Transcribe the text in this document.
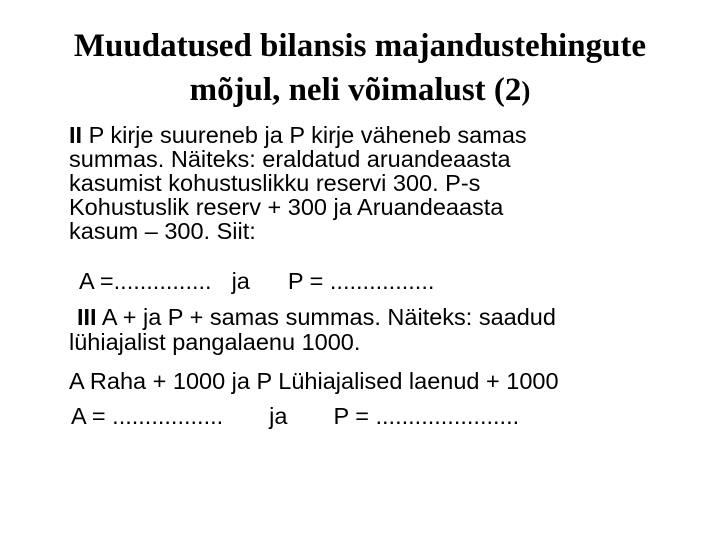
Muudatused bilansis majandustehingute
mõjul, neli võimalust (2)
II P kirje suureneb ja P kirje väheneb samas
summas. Näiteks: eraldatud aruandeaasta
kasumist kohustuslikku reservi 300. P-s
Kohustuslik reserv + 300 ja Aruandeaasta
kasum – 300. Siit:
A =............... ja P = ................
III A + ja P + samas summas. Näiteks: saadud
lühiajalist pangalaenu 1000.
A Raha + 1000 ja P Lühiajalised laenud + 1000
A = ................. ja P = ......................
